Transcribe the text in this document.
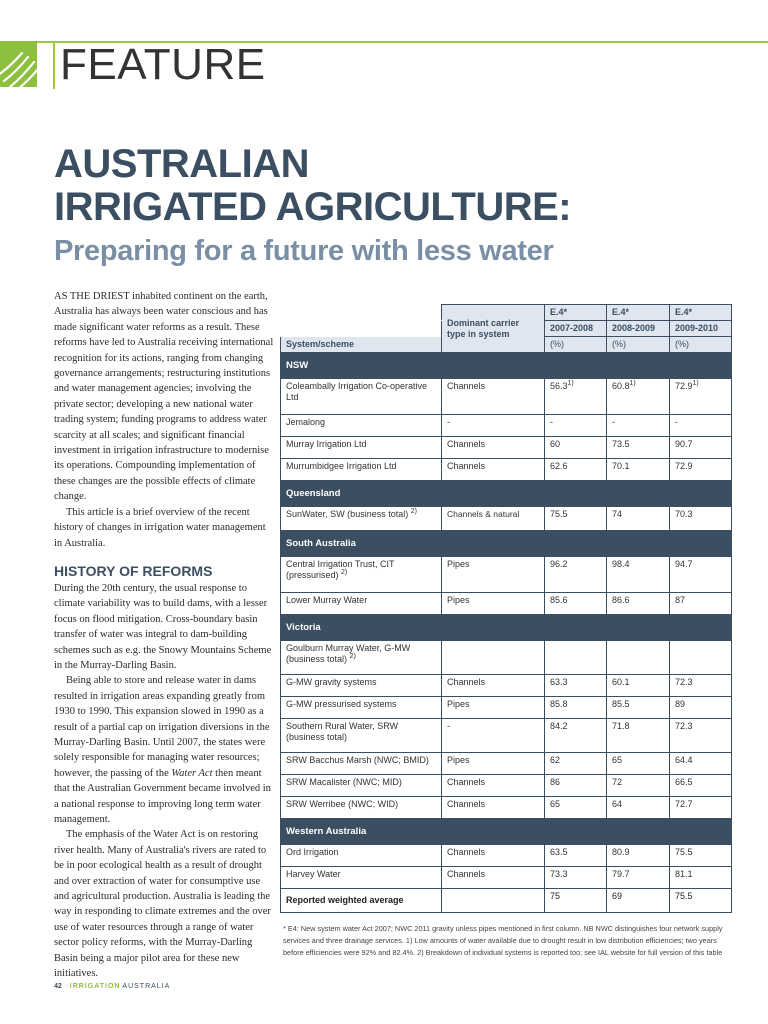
FEATURE
AUSTRALIAN
IRRIGATED AGRICULTURE:
Preparing for a future with less water

AS THE DRIEST inhabited continent on the earth, Australia has always been water conscious and has made significant water reforms as a result. These reforms have led to Australia receiving international recognition for its actions, ranging from changing governance arrangements; restructuring institutions and water management agencies; involving the private sector; developing a new national water trading system; funding programs to address water scarcity at all scales; and significant financial investment in irrigation infrastructure to modernise its operations. Compounding implementation of these changes are the possible effects of climate change.

This article is a brief overview of the recent history of changes in irrigation water management in Australia.

HISTORY OF REFORMS

During the 20th century, the usual response to climate variability was to build dams, with a lesser focus on flood mitigation. Cross-boundary basin transfer of water was integral to dam-building schemes such as e.g. the Snowy Mountains Scheme in the Murray-Darling Basin.

Being able to store and release water in dams resulted in irrigation areas expanding greatly from 1930 to 1990. This expansion slowed in 1990 as a result of a partial cap on irrigation diversions in the Murray-Darling Basin. Until 2007, the states were solely responsible for managing water resources; however, the passing of the Water Act then meant that the Australian Government became involved in a national response to improving long term water management.

The emphasis of the Water Act is on restoring river health. Many of Australia's rivers are rated to be in poor ecological health as a result of drought and over extraction of water for consumptive use and agricultural production. Australia is leading the way in responding to climate extremes and the over use of water resources through a range of water sector policy reforms, with the Murray-Darling Basin being a major pilot area for these new initiatives.

	Table. Irrigation scheme distribution efficiencies, 2007 - 10			
	Dominant carrier type in system	E.4*	E.4*	E.4*
		2007-2008	2008-2009	2009-2010
System/scheme		(%)	(%)	(%)
NSW				
Coleambally Irrigation Co-operative Ltd	Channels	56.3$^{1)}$	60.8$^{1)}$	72.9$^{1)}$
Jemalong	-	-	-	-
Murray Irrigation Ltd	Channels	60	73.5	90.7
Murrumbidgee Irrigation Ltd	Channels	62.6	70.1	72.9
Queensland				
SunWater, SW (business total) $^{2)}$	Channels & natural	75.5	74	70.3
South Australia				
Central Irrigation Trust, CIT (pressurised) $^{2)}$	Pipes	96.2	98.4	94.7
Lower Murray Water	Pipes	85.6	86.6	87
Victoria				
Goulburn Murray Water, G-MW (business total) $^{2)}$				
G-MW gravity systems	Channels	63.3	60.1	72.3
G-MW pressurised systems	Pipes	85.8	85.5	89
Southern Rural Water, SRW (business total)	-	84.2	71.8	72.3
SRW Bacchus Marsh (NWC; BMID)	Pipes	62	65	64.4
SRW Macalister (NWC; MID)	Channels	86	72	66.5
SRW Werribee (NWC; WID)	Channels	65	64	72.7
Western Australia				
Ord Irrigation	Channels	63.5	80.9	75.5
Harvey Water	Channels	73.3	79.7	81.1
Reported weighted average		75	69	75.5
* E4: New system water Act 2007; NWC 2011 gravity unless pipes mentioned in first column. NB NWC distinguishes four network supply services and three drainage services. 1) Low amounts of water available due to drought result in low distribution efficiencies; two years before efficiencies were 92% and 82.4%. 2) Breakdown of individual systems is reported too; see IAL website for full version of this table
42 IRRIGATION AUSTRALIA
